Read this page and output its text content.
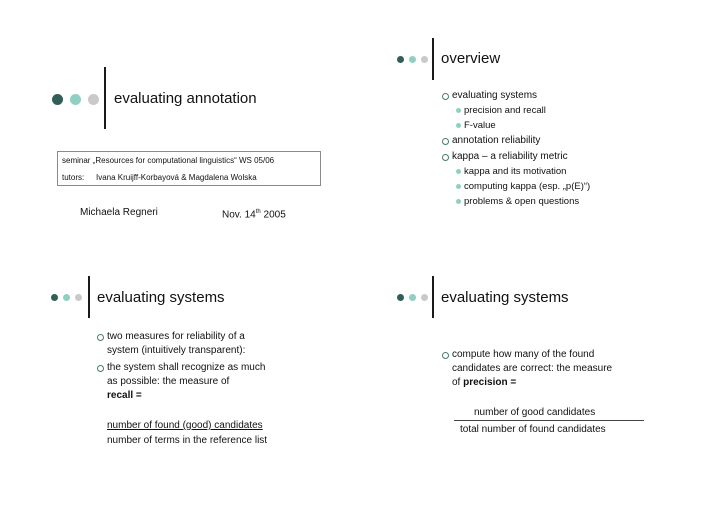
evaluating annotation
seminar „Resources for computational linguistics“ WS 05/06
tutors: Ivana Kruijff-Korbayová & Magdalena Wolska
Michaela Regneri	Nov. 14th 2005
overview
evaluating systems
precision and recall
F-value
annotation reliability
kappa – a reliability metric
kappa and its motivation
computing kappa (esp. „p(E)“)
problems & open questions
evaluating systems
two measures for reliability of a
system (intuitively transparent):
the system shall recognize as much
as possible: the measure of
recall =
number of found (good) candidates
number of terms in the reference list
evaluating systems
compute how many of the found
candidates are correct: the measure
of precision =
number of good candidates
total number of found candidates
